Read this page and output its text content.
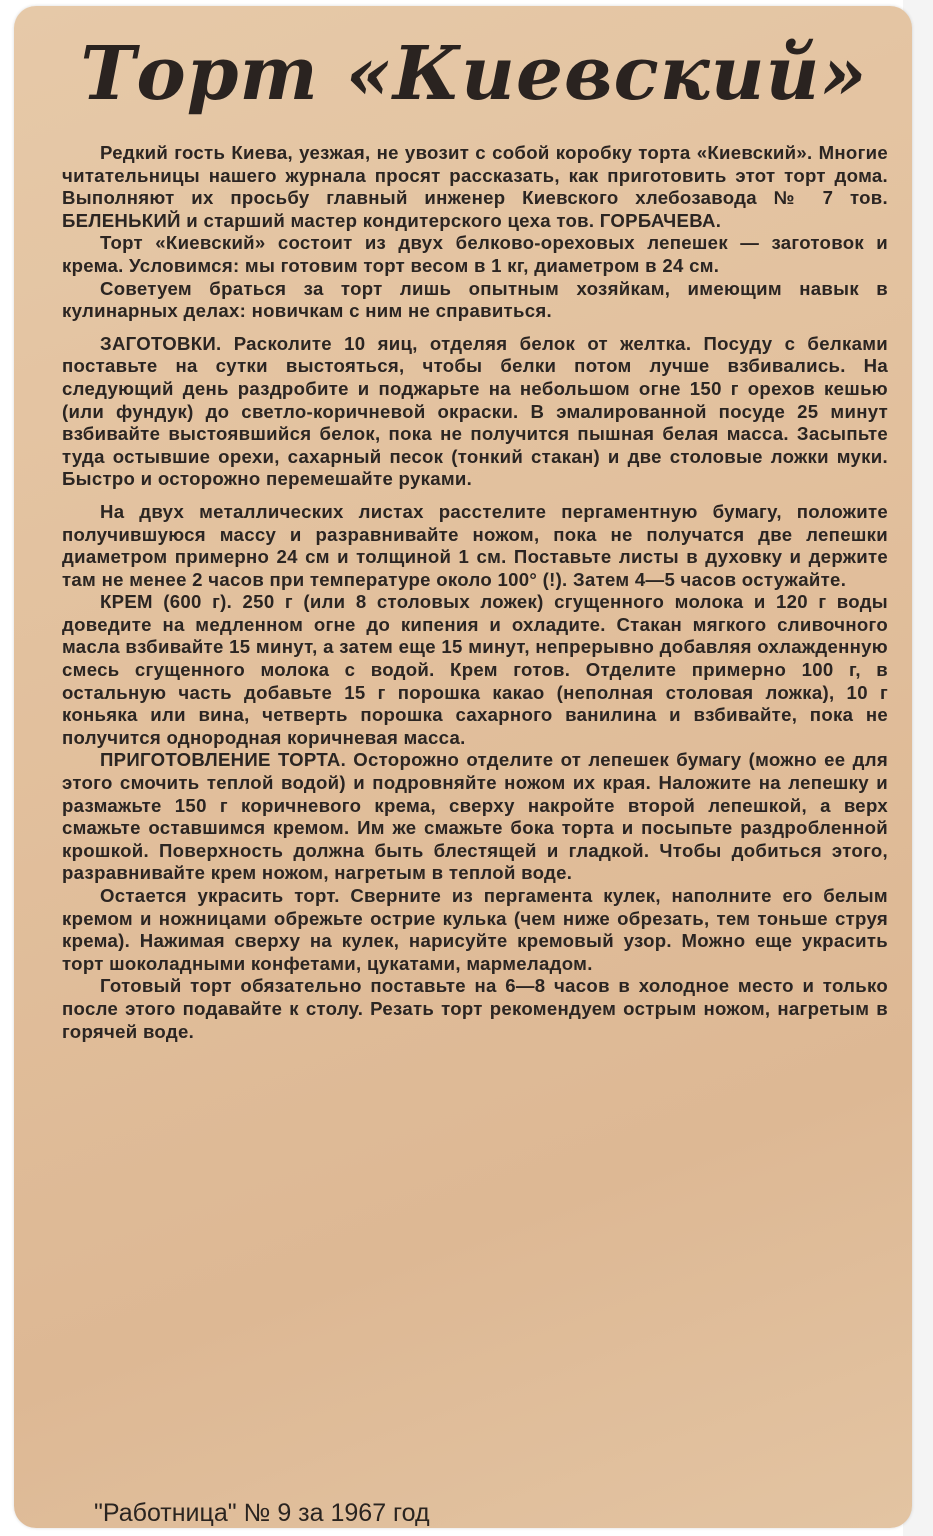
Торт «Киевский»

Редкий гость Киева, уезжая, не увозит с собой коробку торта «Киевский». Многие читательницы нашего журнала просят рассказать, как приготовить этот торт дома. Выполняют их просьбу главный инженер Киевского хлебозавода № 7 тов. БЕЛЕНЬКИЙ и старший мастер кондитерского цеха тов. ГОРБАЧЕВА.

Торт «Киевский» состоит из двух белково-ореховых лепешек — заготовок и крема. Условимся: мы готовим торт весом в 1 кг, диаметром в 24 см.

Советуем браться за торт лишь опытным хозяйкам, имеющим навык в кулинарных делах: новичкам с ним не справиться.

ЗАГОТОВКИ. Расколите 10 яиц, отделяя белок от желтка. Посуду с белками поставьте на сутки выстояться, чтобы белки потом лучше взбивались. На следующий день раздробите и поджарьте на небольшом огне 150 г орехов кешью (или фундук) до светло-коричневой окраски. В эмалированной посуде 25 минут взбивайте выстоявшийся белок, пока не получится пышная белая масса. Засыпьте туда остывшие орехи, сахарный песок (тонкий стакан) и две столовые ложки муки. Быстро и осторожно перемешайте руками.

На двух металлических листах расстелите пергаментную бумагу, положите получившуюся массу и разравнивайте ножом, пока не получатся две лепешки диаметром примерно 24 см и толщиной 1 см. Поставьте листы в духовку и держите там не менее 2 часов при температуре около 100° (!). Затем 4—5 часов остужайте.

КРЕМ (600 г). 250 г (или 8 столовых ложек) сгущенного молока и 120 г воды доведите на медленном огне до кипения и охладите. Стакан мягкого сливочного масла взбивайте 15 минут, а затем еще 15 минут, непрерывно добавляя охлажденную смесь сгущенного молока с водой. Крем готов. Отделите примерно 100 г, в остальную часть добавьте 15 г порошка какао (неполная столовая ложка), 10 г коньяка или вина, четверть порошка сахарного ванилина и взбивайте, пока не получится однородная коричневая масса.

ПРИГОТОВЛЕНИЕ ТОРТА. Осторожно отделите от лепешек бумагу (можно ее для этого смочить теплой водой) и подровняйте ножом их края. Наложите на лепешку и размажьте 150 г коричневого крема, сверху накройте второй лепешкой, а верх смажьте оставшимся кремом. Им же смажьте бока торта и посыпьте раздробленной крошкой. Поверхность должна быть блестящей и гладкой. Чтобы добиться этого, разравнивайте крем ножом, нагретым в теплой воде.

Остается украсить торт. Сверните из пергамента кулек, наполните его белым кремом и ножницами обрежьте острие кулька (чем ниже обрезать, тем тоньше струя крема). Нажимая сверху на кулек, нарисуйте кремовый узор. Можно еще украсить торт шоколадными конфетами, цукатами, мармеладом.

Готовый торт обязательно поставьте на 6—8 часов в холодное место и только после этого подавайте к столу. Резать торт рекомендуем острым ножом, нагретым в горячей воде.

"Работница" № 9 за 1967 год
